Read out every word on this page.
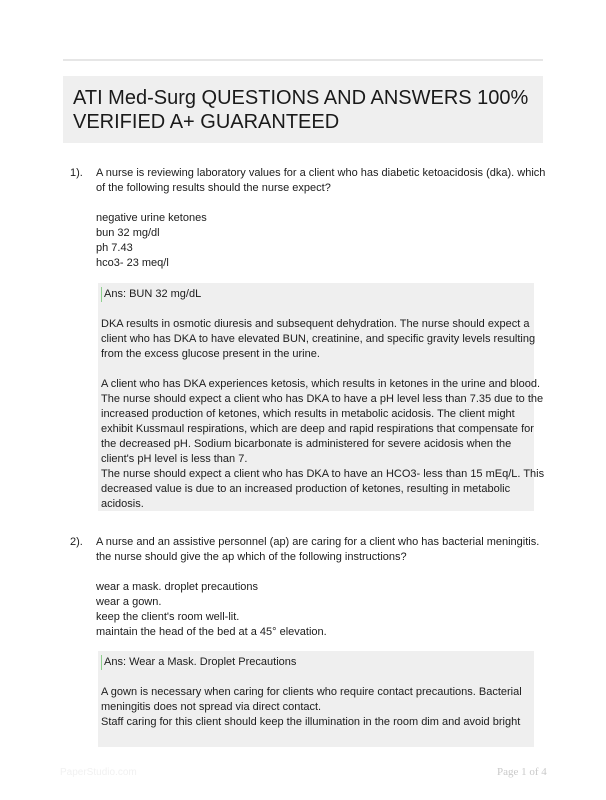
ATI Med-Surg QUESTIONS AND ANSWERS 100%
VERIFIED A+ GUARANTEED
1). A nurse is reviewing laboratory values for a client who has diabetic ketoacidosis (dka). which
of the following results should the nurse expect?
negative urine ketones
bun 32 mg/dl
ph 7.43
hco3- 23 meq/l
Ans: BUN 32 mg/dL
DKA results in osmotic diuresis and subsequent dehydration. The nurse should expect a
client who has DKA to have elevated BUN, creatinine, and specific gravity levels resulting
from the excess glucose present in the urine.
A client who has DKA experiences ketosis, which results in ketones in the urine and blood.
The nurse should expect a client who has DKA to have a pH level less than 7.35 due to the
increased production of ketones, which results in metabolic acidosis. The client might
exhibit Kussmaul respirations, which are deep and rapid respirations that compensate for
the decreased pH. Sodium bicarbonate is administered for severe acidosis when the
client's pH level is less than 7.
The nurse should expect a client who has DKA to have an HCO3- less than 15 mEq/L. This
decreased value is due to an increased production of ketones, resulting in metabolic
acidosis.
2). A nurse and an assistive personnel (ap) are caring for a client who has bacterial meningitis.
the nurse should give the ap which of the following instructions?
wear a mask. droplet precautions
wear a gown.
keep the client's room well-lit.
maintain the head of the bed at a 45° elevation.
Ans: Wear a Mask. Droplet Precautions
A gown is necessary when caring for clients who require contact precautions. Bacterial
meningitis does not spread via direct contact.
Staff caring for this client should keep the illumination in the room dim and avoid bright
PaperStudio.com	Page 1 of 4
